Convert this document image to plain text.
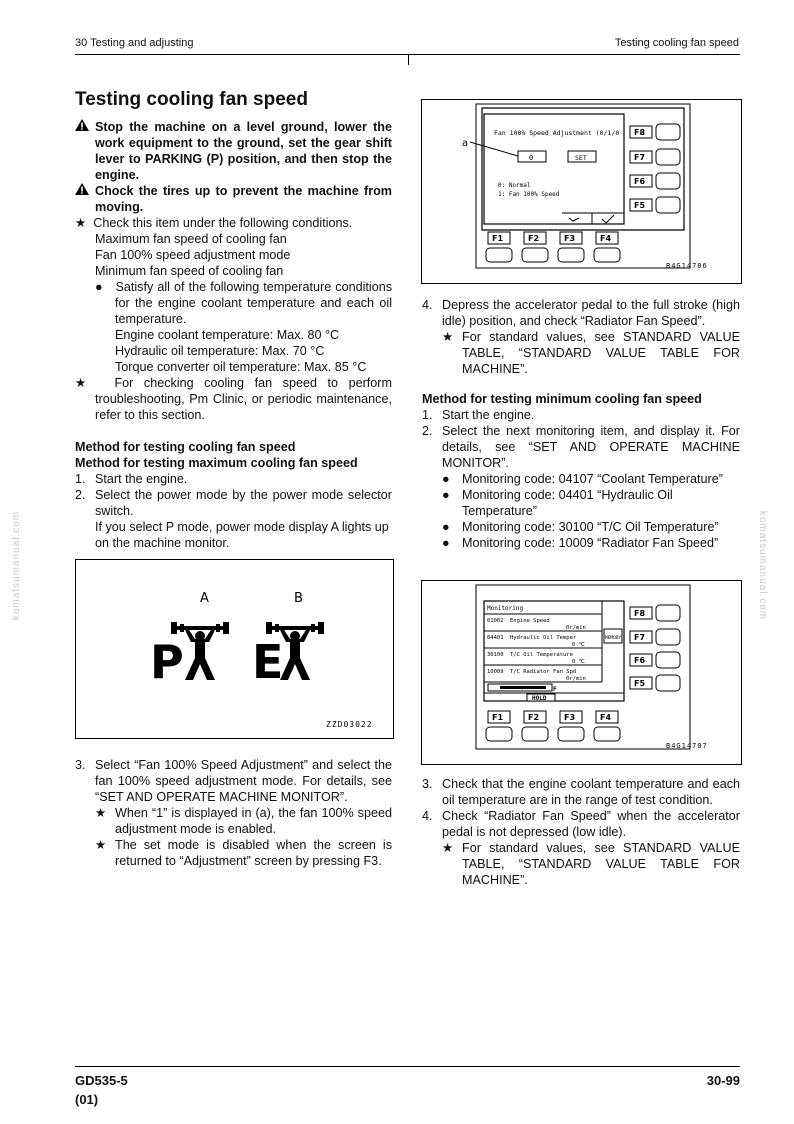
30 Testing and adjusting	Testing cooling fan speed
Testing cooling fan speed

Stop the machine on a level ground, lower the work equipment to the ground, set the gear shift lever to PARKING (P) position, and then stop the engine.

Chock the tires up to prevent the machine from moving.

★  Check this item under the following conditions.

Maximum fan speed of cooling fan

Fan 100% speed adjustment mode

Minimum fan speed of cooling fan

●   Satisfy all of the following temperature conditions for the engine coolant temperature and each oil temperature.

Engine coolant temperature: Max. 80 °C

Hydraulic oil temperature: Max. 70 °C

Torque converter oil temperature: Max. 85 °C

★  For checking cooling fan speed to perform troubleshooting, Pm Clinic, or periodic maintenance, refer to this section.

Method for testing cooling fan speed

Method for testing maximum cooling fan speed

1. Start the engine.

2. Select the power mode by the power mode selector switch.

If you select P mode, power mode display A lights up on the machine monitor.

A	B
P E
ZZD03022

3. Select “Fan 100% Speed Adjustment” and select the fan 100% speed adjustment mode. For details, see “SET AND OPERATE MACHINE MONITOR”.

★ When “1” is displayed in (a), the fan 100% speed adjustment mode is enabled.

★ The set mode is disabled when the screen is returned to “Adjustment” screen by pressing F3.

Fan 100% Speed Adjustment (0/1/0
0	SET
0: Normal
1: Fan 100% Speed
a
F8
F7
F6
F5
F1	F2	F3	F4
B4G14706

4. Depress the accelerator pedal to the full stroke (high idle) position, and check “Radiator Fan Speed”.

★ For standard values, see STANDARD VALUE TABLE, “STANDARD VALUE TABLE FOR MACHINE”.

Method for testing minimum cooling fan speed

1. Start the engine.

2. Select the next monitoring item, and display it. For details, see “SET AND OPERATE MACHINE MONITOR”.

● Monitoring code: 04107 “Coolant Temperature”

● Monitoring code: 04401 “Hydraulic Oil Temperature”

● Monitoring code: 30100 “T/C Oil Temperature”

● Monitoring code: 10009 “Radiator Fan Speed”

Monitoring
01002 Engine Speed
0r/min
04401 Hydraulic Oil Temper
0 ℃
30100 T/C Oil Temperature
0 ℃
10009 T/C Radiator Fan Spd
0r/min
MEMORY
F
HOLD
F8
F7
F6
F5
F1	F2	F3	F4
B4G14707

3. Check that the engine coolant temperature and each oil temperature are in the range of test condition.

4. Check “Radiator Fan Speed” when the accelerator pedal is not depressed (low idle).

★ For standard values, see STANDARD VALUE TABLE, “STANDARD VALUE TABLE FOR MACHINE”.

GD535-5
(01)
30-99
komatsumanual.com	komatsumanual.com
